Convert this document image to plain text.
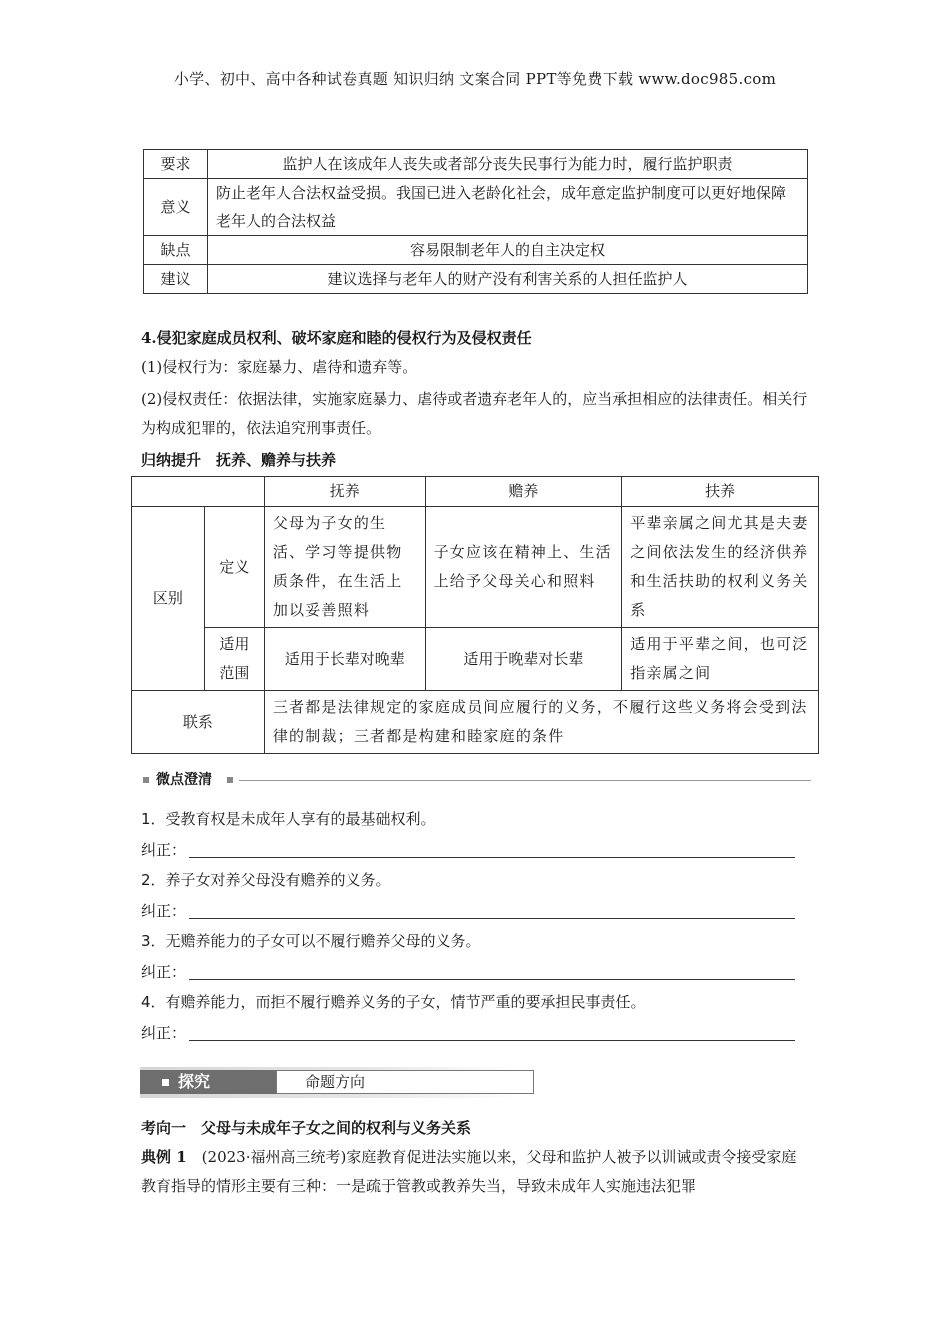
小学、初中、高中各种试卷真题 知识归纳 文案合同 PPT等免费下载 www.doc985.com
要求	监护人在该成年人丧失或者部分丧失民事行为能力时，履行监护职责
意义	防止老年人合法权益受损。我国已进入老龄化社会，成年意定监护制度可以更好地保障老年人的合法权益
缺点	容易限制老年人的自主决定权
建议	建议选择与老年人的财产没有利害关系的人担任监护人
4.侵犯家庭成员权利、破坏家庭和睦的侵权行为及侵权责任
(1)侵权行为：家庭暴力、虐待和遗弃等。
(2)侵权责任：依据法律，实施家庭暴力、虐待或者遗弃老年人的，应当承担相应的法律责任。相关行为构成犯罪的，依法追究刑事责任。
归纳提升　抚养、赡养与扶养
		抚养	赡养	扶养
区别	定义	父母为子女的生活、学习等提供物质条件，在生活上加以妥善照料	子女应该在精神上、生活上给予父母关心和照料	平辈亲属之间尤其是夫妻之间依法发生的经济供养和生活扶助的权利义务关系
	适用范围	适用于长辈对晚辈	适用于晚辈对长辈	适用于平辈之间，也可泛指亲属之间
联系		三者都是法律规定的家庭成员间应履行的义务，不履行这些义务将会受到法律的制裁；三者都是构建和睦家庭的条件		
微点澄清
1．受教育权是未成年人享有的最基础权利。
纠正：
2．养子女对养父母没有赡养的义务。
纠正：
3．无赡养能力的子女可以不履行赡养父母的义务。
纠正：
4．有赡养能力，而拒不履行赡养义务的子女，情节严重的要承担民事责任。
纠正：
探究	命题方向
考向一　父母与未成年子女之间的权利与义务关系
典例 1　(2023·福州高三统考)家庭教育促进法实施以来，父母和监护人被予以训诫或责令接受家庭教育指导的情形主要有三种：一是疏于管教或教养失当，导致未成年人实施违法犯罪
